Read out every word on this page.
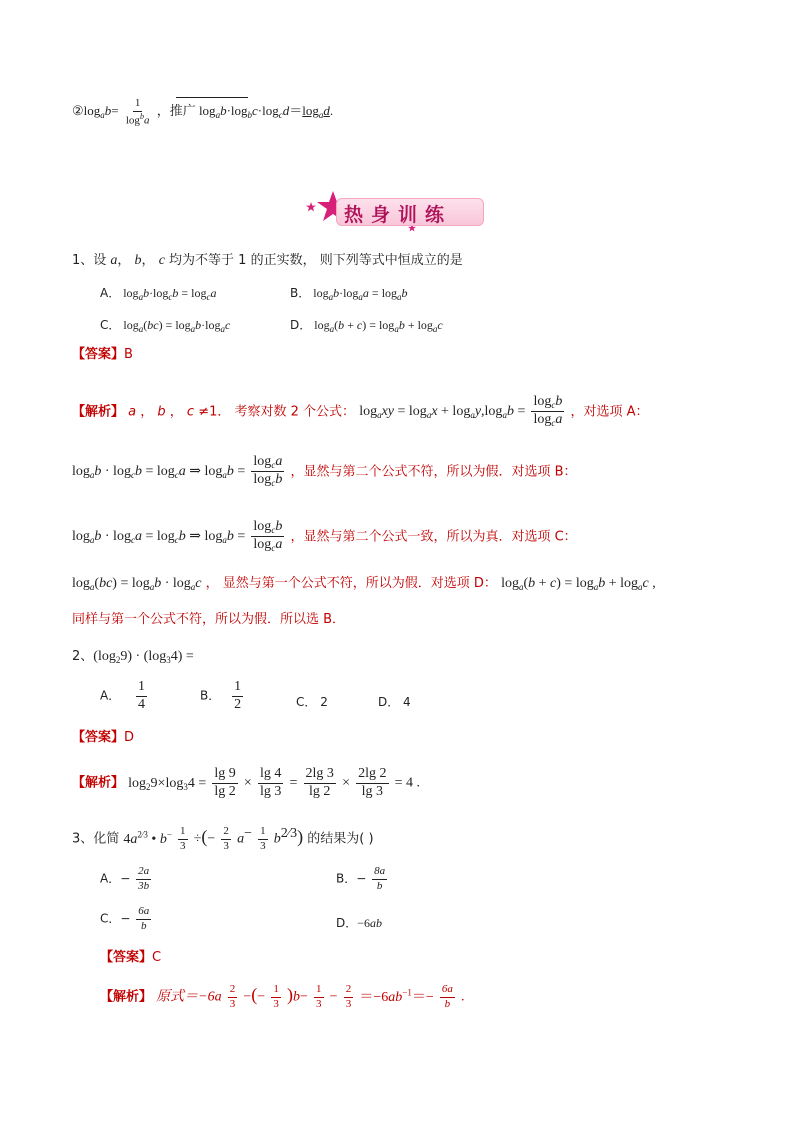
$②\log_ab= \frac{1}{\log^ba}$ ，推广 $\log_ab\cdot\log_bc\cdot\log_cd=\log_ad$.
热身训练
1、设 a， b， c 均为不等于 1 的正实数， 则下列等式中恒成立的是
A． $\log_ab\cdot\log_cb = \log_ca$	B． $\log_ab\cdot\log_aa = \log_ab$
C． $\log_a(bc) = \log_ab\cdot\log_ac$	D． $\log_a(b + c) = \log_ab + \log_ac$
【答案】B
【解析】 a ， b ， c ≠1． 考察对数 2 个公式： $\log_axy = \log_ax + \log_ay,\log_ab = \frac{\log_cb}{\log_ca}$ ，对选项 A：
$\log_ab \cdot \log_cb = \log_ca$ ⇒ $\log_ab = \frac{\log_ca}{\log_cb}$ ，显然与第二个公式不符，所以为假．对选项 B：
$\log_ab \cdot \log_ca = \log_cb$ ⇒ $\log_ab = \frac{\log_cb}{\log_ca}$ ，显然与第二个公式一致，所以为真．对选项 C：
$\log_a(bc) = \log_ab \cdot \log_ac$ ， 显然与第一个公式不符，所以为假．对选项 D： $\log_a(b + c) = \log_ab + \log_ac$ ,
同样与第一个公式不符，所以为假．所以选 B．
2、$(\log_29) \cdot (\log_34)$ =
A． $\frac{1}{4}$	B． $\frac{1}{2}$	C． 2	D． 4
【答案】D
【解析】 $\log_29\times\log_34 = \frac{\lg 9}{\lg 2} \times \frac{\lg 4}{\lg 3} = \frac{2\lg 3}{\lg 2} \times \frac{2\lg 2}{\lg 3} = 4$ .
3、化简 $4a^{2⁄3}$ • $b^- \frac{1}{3}$ ÷(− $\frac{2}{3} a^- \frac{1}{3} b^{2⁄3}$) 的结果为( )
A．− $\frac{2a}{3b}$	B．− $\frac{8a}{b}$
C．− $\frac{6a}{b}$	D．−6ab
【答案】C
【解析】 原式$=-6a \frac{2}{3}$ −(− $\frac{1}{3} )b- \frac{1}{3} - \frac{2}{3} =-6ab^{-1}=- \frac{6a}{b}$ .
